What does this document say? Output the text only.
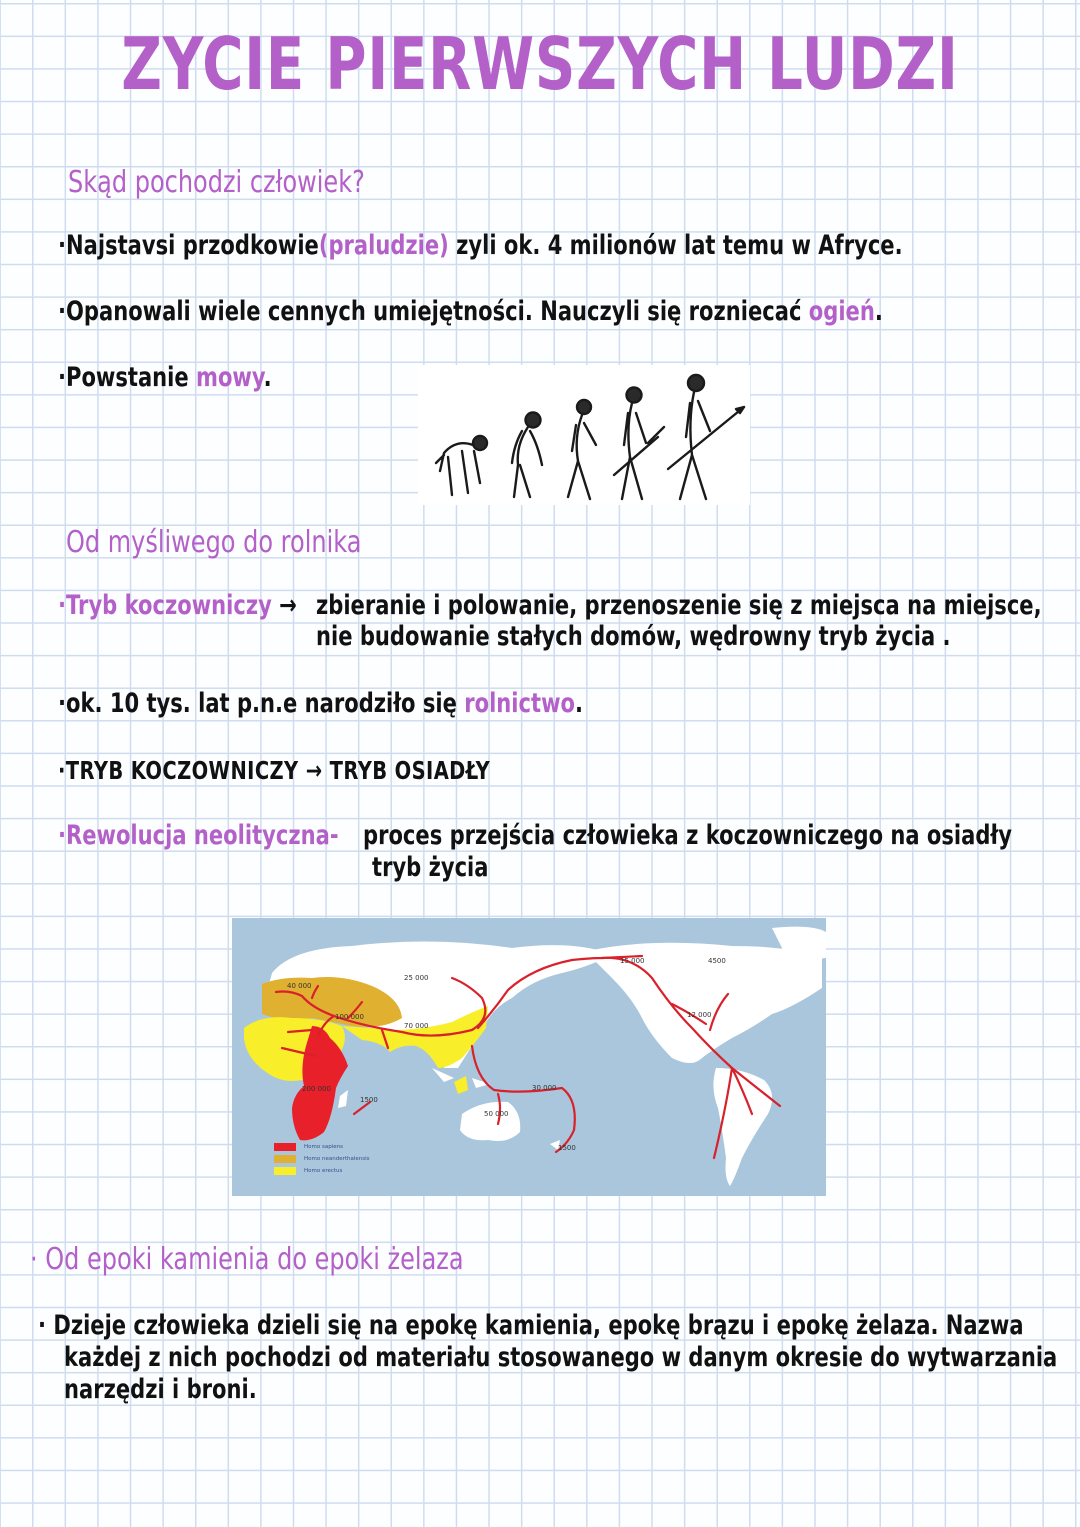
ZYCIE PIERWSZYCH LUDZI
Skąd pochodzi człowiek?
·Najstavsi przodkowie(praludzie) zyli ok. 4 milionów lat temu w Afryce.
·Opanowali wiele cennych umiejętności. Nauczyli się rozniecać ogień.
·Powstanie mowy.
Od myśliwego do rolnika
·Tryb koczowniczy → zbieranie i polowanie, przenoszenie się z miejsca na miejsce,
nie budowanie stałych domów, wędrowny tryb życia .
·ok. 10 tys. lat p.n.e narodziło się rolnictwo.
·TRYB KOCZOWNICZY → TRYB OSIADŁY
·Rewolucja neolityczna- proces przejścia człowieka z koczowniczego na osiadły
tryb życia
40 000
25 000
100 000
70 000
15 000	4500
12 000
200 000
1500
30 000
50 000
1500
Homo sapiens
Homo neanderthalensis
Homo erectus
· Od epoki kamienia do epoki żelaza
· Dzieje człowieka dzieli się na epokę kamienia, epokę brązu i epokę żelaza. Nazwa
każdej z nich pochodzi od materiału stosowanego w danym okresie do wytwarzania
narzędzi i broni.
